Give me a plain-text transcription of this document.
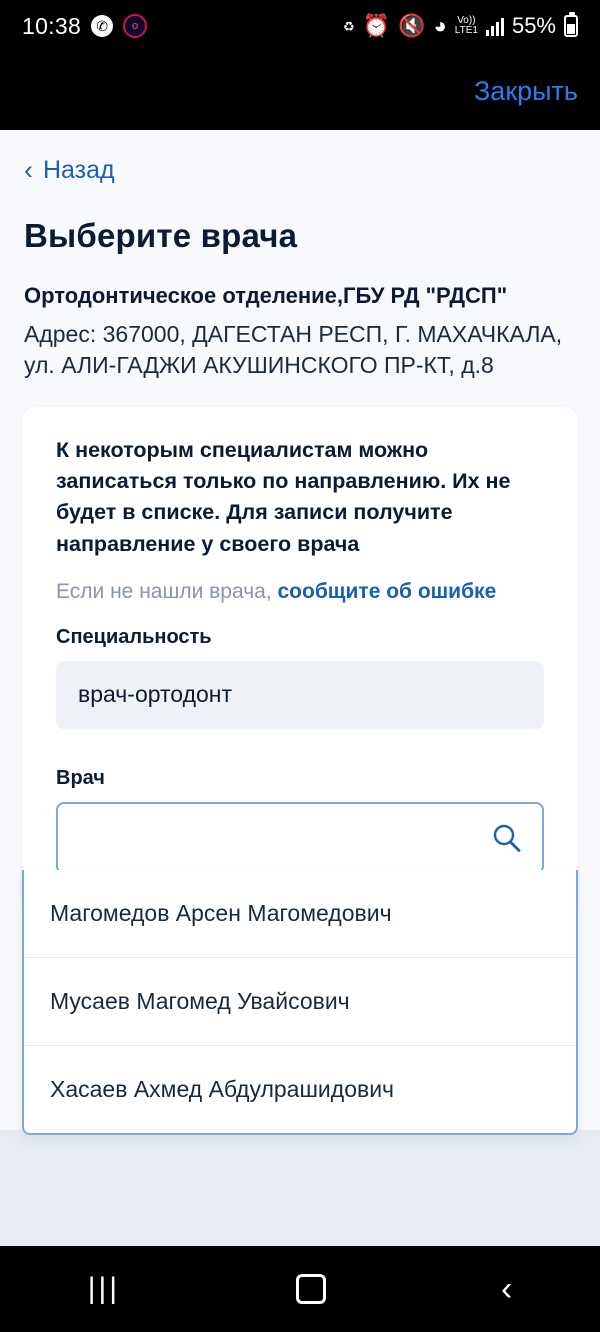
10:38	✆	O	♻ ⏰ 🔇 ◕ Vo))
LTE1 55%
Закрыть
‹ Назад
Выберите врача
Ортодонтическое отделение,ГБУ РД "РДСП"
Адрес: 367000, ДАГЕСТАН РЕСП, Г. МАХАЧКАЛА, ул. АЛИ-ГАДЖИ АКУШИНСКОГО ПР-КТ, д.8
К некоторым специалистам можно записаться только по направлению. Их не будет в списке. Для записи получите направление у своего врача
Если не нашли врача, сообщите об ошибке
Специальность
врач-ортодонт
Врач
Магомедов Арсен Магомедович
Мусаев Магомед Увайсович
Хасаев Ахмед Абдулрашидович
|||	‹
